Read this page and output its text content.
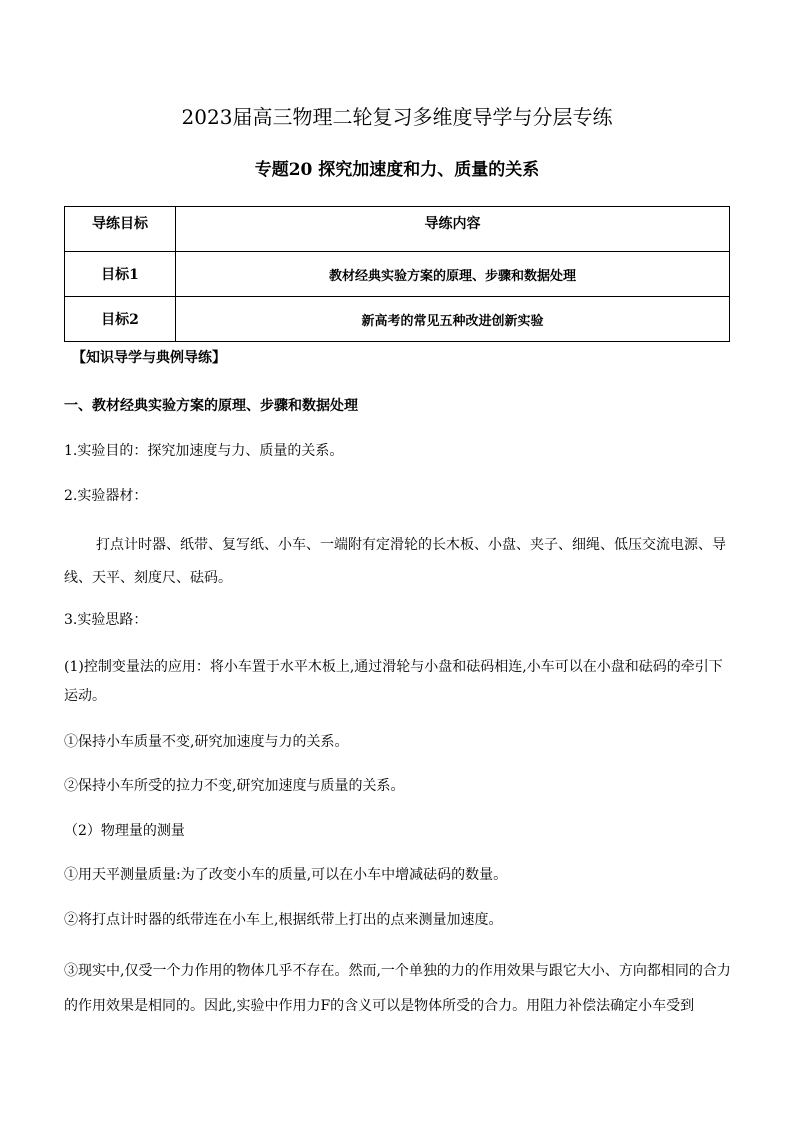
2023届高三物理二轮复习多维度导学与分层专练
专题20 探究加速度和力、质量的关系
导练目标	导练内容
目标1	教材经典实验方案的原理、步骤和数据处理
目标2	新高考的常见五种改进创新实验
【知识导学与典例导练】
一、教材经典实验方案的原理、步骤和数据处理
1.实验目的：探究加速度与力、质量的关系。
2.实验器材：
打点计时器、纸带、复写纸、小车、一端附有定滑轮的长木板、小盘、夹子、细绳、低压交流电源、导线、天平、刻度尺、砝码。
3.实验思路：
(1)控制变量法的应用：将小车置于水平木板上,通过滑轮与小盘和砝码相连,小车可以在小盘和砝码的牵引下运动。
①保持小车质量不变,研究加速度与力的关系。
②保持小车所受的拉力不变,研究加速度与质量的关系。
（2）物理量的测量
①用天平测量质量:为了改变小车的质量,可以在小车中增减砝码的数量。
②将打点计时器的纸带连在小车上,根据纸带上打出的点来测量加速度。
③现实中,仅受一个力作用的物体几乎不存在。然而,一个单独的力的作用效果与跟它大小、方向都相同的合力的作用效果是相同的。因此,实验中作用力F的含义可以是物体所受的合力。用阻力补偿法确定小车受到
